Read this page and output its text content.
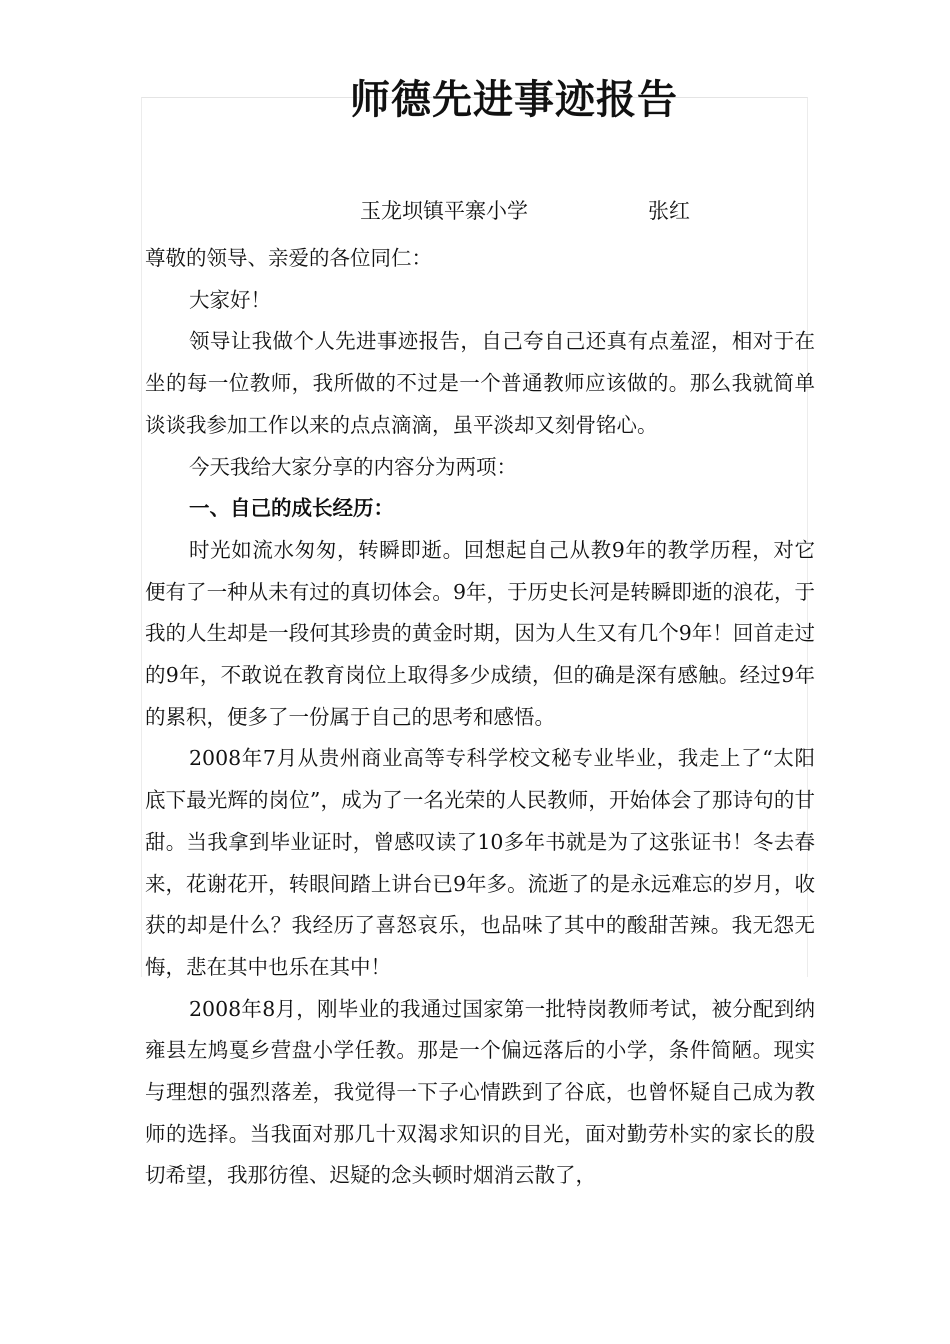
师德先进事迹报告
玉龙坝镇平寨小学	张红

尊敬的领导、亲爱的各位同仁：

大家好！

领导让我做个人先进事迹报告，自己夸自己还真有点羞涩，相对于在坐的每一位教师，我所做的不过是一个普通教师应该做的。那么我就简单谈谈我参加工作以来的点点滴滴，虽平淡却又刻骨铭心。

今天我给大家分享的内容分为两项：

一、自己的成长经历：

时光如流水匆匆，转瞬即逝。回想起自己从教9年的教学历程，对它便有了一种从未有过的真切体会。9年，于历史长河是转瞬即逝的浪花，于我的人生却是一段何其珍贵的黄金时期，因为人生又有几个9年！回首走过的9年，不敢说在教育岗位上取得多少成绩，但的确是深有感触。经过9年的累积，便多了一份属于自己的思考和感悟。

2008年7月从贵州商业高等专科学校文秘专业毕业，我走上了“太阳底下最光辉的岗位”，成为了一名光荣的人民教师，开始体会了那诗句的甘甜。当我拿到毕业证时，曾感叹读了10多年书就是为了这张证书！冬去春来，花谢花开，转眼间踏上讲台已9年多。流逝了的是永远难忘的岁月，收获的却是什么？我经历了喜怒哀乐，也品味了其中的酸甜苦辣。我无怨无悔，悲在其中也乐在其中！

2008年8月，刚毕业的我通过国家第一批特岗教师考试，被分配到纳雍县左鸠戛乡营盘小学任教。那是一个偏远落后的小学，条件简陋。现实与理想的强烈落差，我觉得一下子心情跌到了谷底，也曾怀疑自己成为教师的选择。当我面对那几十双渴求知识的目光，面对勤劳朴实的家长的殷切希望，我那彷徨、迟疑的念头顿时烟消云散了，
